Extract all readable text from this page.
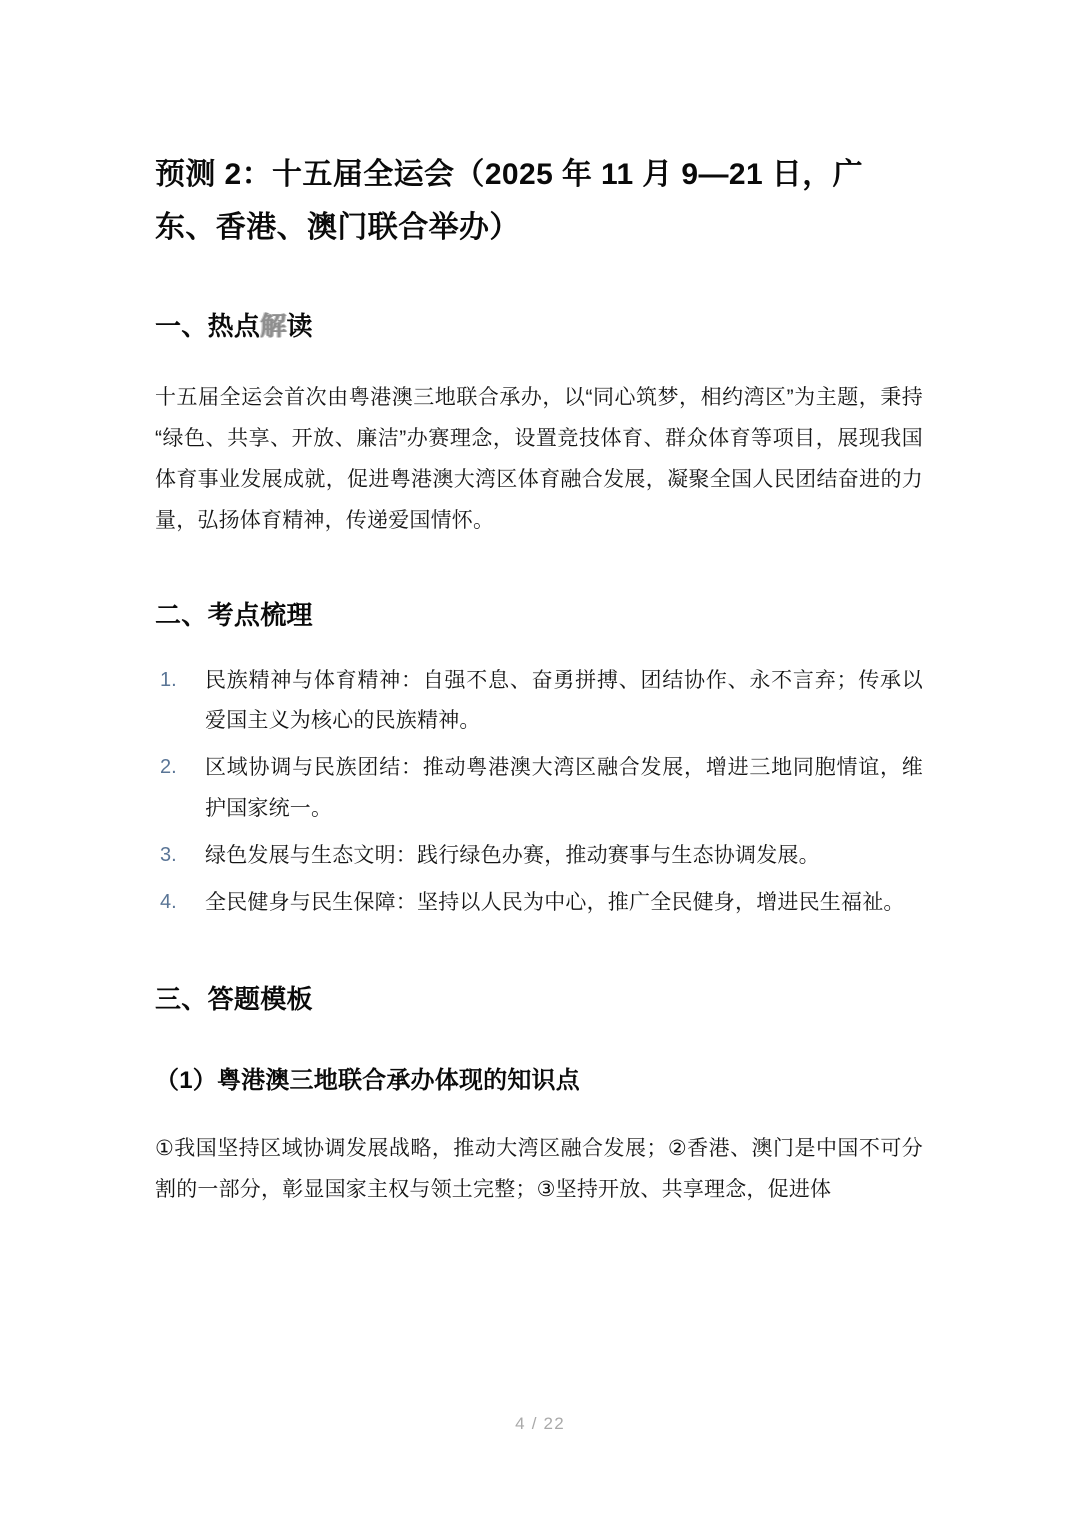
预测 2：十五届全运会（2025 年 11 月 9—21 日，广东、香港、澳门联合举办）
一、热点解读

十五届全运会首次由粤港澳三地联合承办，以“同心筑梦，相约湾区”为主题，秉持“绿色、共享、开放、廉洁”办赛理念，设置竞技体育、群众体育等项目，展现我国体育事业发展成就，促进粤港澳大湾区体育融合发展，凝聚全国人民团结奋进的力量，弘扬体育精神，传递爱国情怀。

二、考点梳理
1. 民族精神与体育精神：自强不息、奋勇拼搏、团结协作、永不言弃；传承以爱国主义为核心的民族精神。
2. 区域协调与民族团结：推动粤港澳大湾区融合发展，增进三地同胞情谊，维护国家统一。
3. 绿色发展与生态文明：践行绿色办赛，推动赛事与生态协调发展。
4. 全民健身与民生保障：坚持以人民为中心，推广全民健身，增进民生福祉。
三、答题模板
（1）粤港澳三地联合承办体现的知识点

①我国坚持区域协调发展战略，推动大湾区融合发展；②香港、澳门是中国不可分割的一部分，彰显国家主权与领土完整；③坚持开放、共享理念，促进体

4 / 22
